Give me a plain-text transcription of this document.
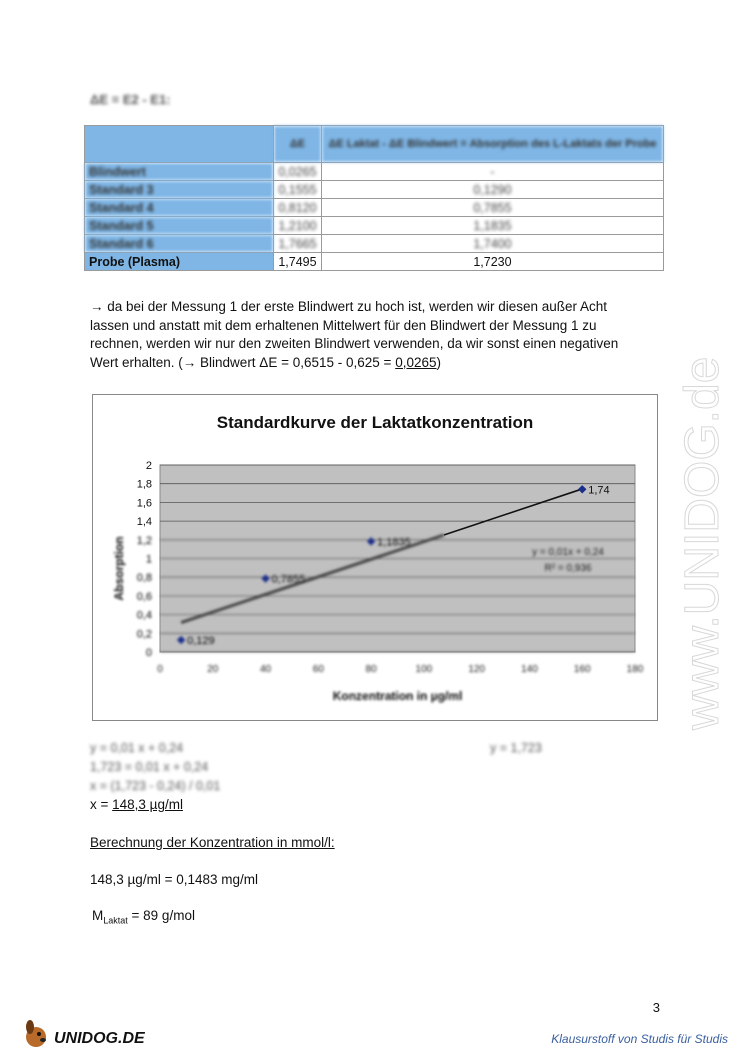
ΔE = E2 - E1:
	ΔE	ΔE Laktat - ΔE Blindwert = Absorption des L-Laktats der Probe
Blindwert	0,0265	-
Standard 3	0,1555	0,1290
Standard 4	0,8120	0,7855
Standard 5	1,2100	1,1835
Standard 6	1,7665	1,7400
Probe (Plasma)	1,7495	1,7230
→ da bei der Messung 1 der erste Blindwert zu hoch ist, werden wir diesen außer Acht
lassen und anstatt mit dem erhaltenen Mittelwert für den Blindwert der Messung 1 zu
rechnen, werden wir nur den zweiten Blindwert verwenden, da wir sonst einen negativen
Wert erhalten. (→ Blindwert ΔE = 0,6515 - 0,625 = 0,0265)
Standardkurve der Laktatkonzentration
1,4
1,6
1,8
2
1,74
0
0,2
0,4
0,6
0,8
1
1,2
0	20	40	60	80	100	120	140	160	180
0,129
0,7855
1,1835
Absorption
Konzentration in µg/ml
y = 0,01x + 0,24
R² = 0,936
y = 0,01 x + 0,24	y = 1,723
1,723 = 0,01 x + 0,24
x = (1,723 - 0,24) / 0,01
x = 148,3 µg/ml
Berechnung der Konzentration in mmol/l:
148,3 µg/ml = 0,1483 mg/ml
$M_{Laktat} = 89$ g/mol
3
UNIDOG.DE	Klausurstoff von Studis für Studis
www.UNIDOG.de
